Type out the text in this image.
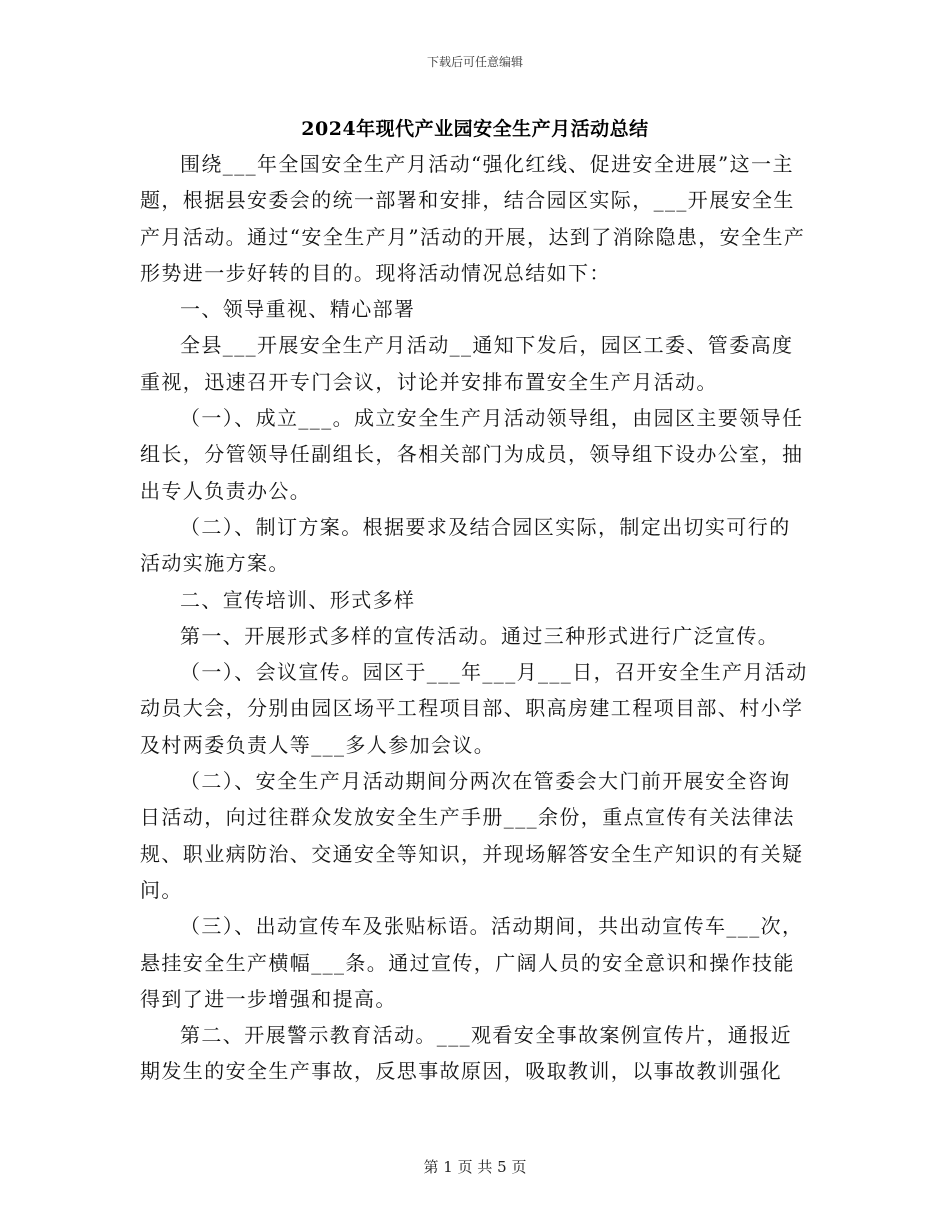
下载后可任意编辑
2024年现代产业园安全生产月活动总结

围绕___年全国安全生产月活动“强化红线、促进安全进展”这一主题，根据县安委会的统一部署和安排，结合园区实际，___开展安全生产月活动。通过“安全生产月”活动的开展，达到了消除隐患，安全生产形势进一步好转的目的。现将活动情况总结如下：

一、领导重视、精心部署

全县___开展安全生产月活动__通知下发后，园区工委、管委高度重视，迅速召开专门会议，讨论并安排布置安全生产月活动。

（一）、成立___。成立安全生产月活动领导组，由园区主要领导任组长，分管领导任副组长，各相关部门为成员，领导组下设办公室，抽出专人负责办公。

（二）、制订方案。根据要求及结合园区实际，制定出切实可行的活动实施方案。

二、宣传培训、形式多样

第一、开展形式多样的宣传活动。通过三种形式进行广泛宣传。

（一）、会议宣传。园区于___年___月___日，召开安全生产月活动动员大会，分别由园区场平工程项目部、职高房建工程项目部、村小学及村两委负责人等___多人参加会议。

（二）、安全生产月活动期间分两次在管委会大门前开展安全咨询日活动，向过往群众发放安全生产手册___余份，重点宣传有关法律法规、职业病防治、交通安全等知识，并现场解答安全生产知识的有关疑问。

（三）、出动宣传车及张贴标语。活动期间，共出动宣传车___次，悬挂安全生产横幅___条。通过宣传，广阔人员的安全意识和操作技能得到了进一步增强和提高。

第二、开展警示教育活动。___观看安全事故案例宣传片，通报近期发生的安全生产事故，反思事故原因，吸取教训，以事故教训强化

第 1 页 共 5 页
